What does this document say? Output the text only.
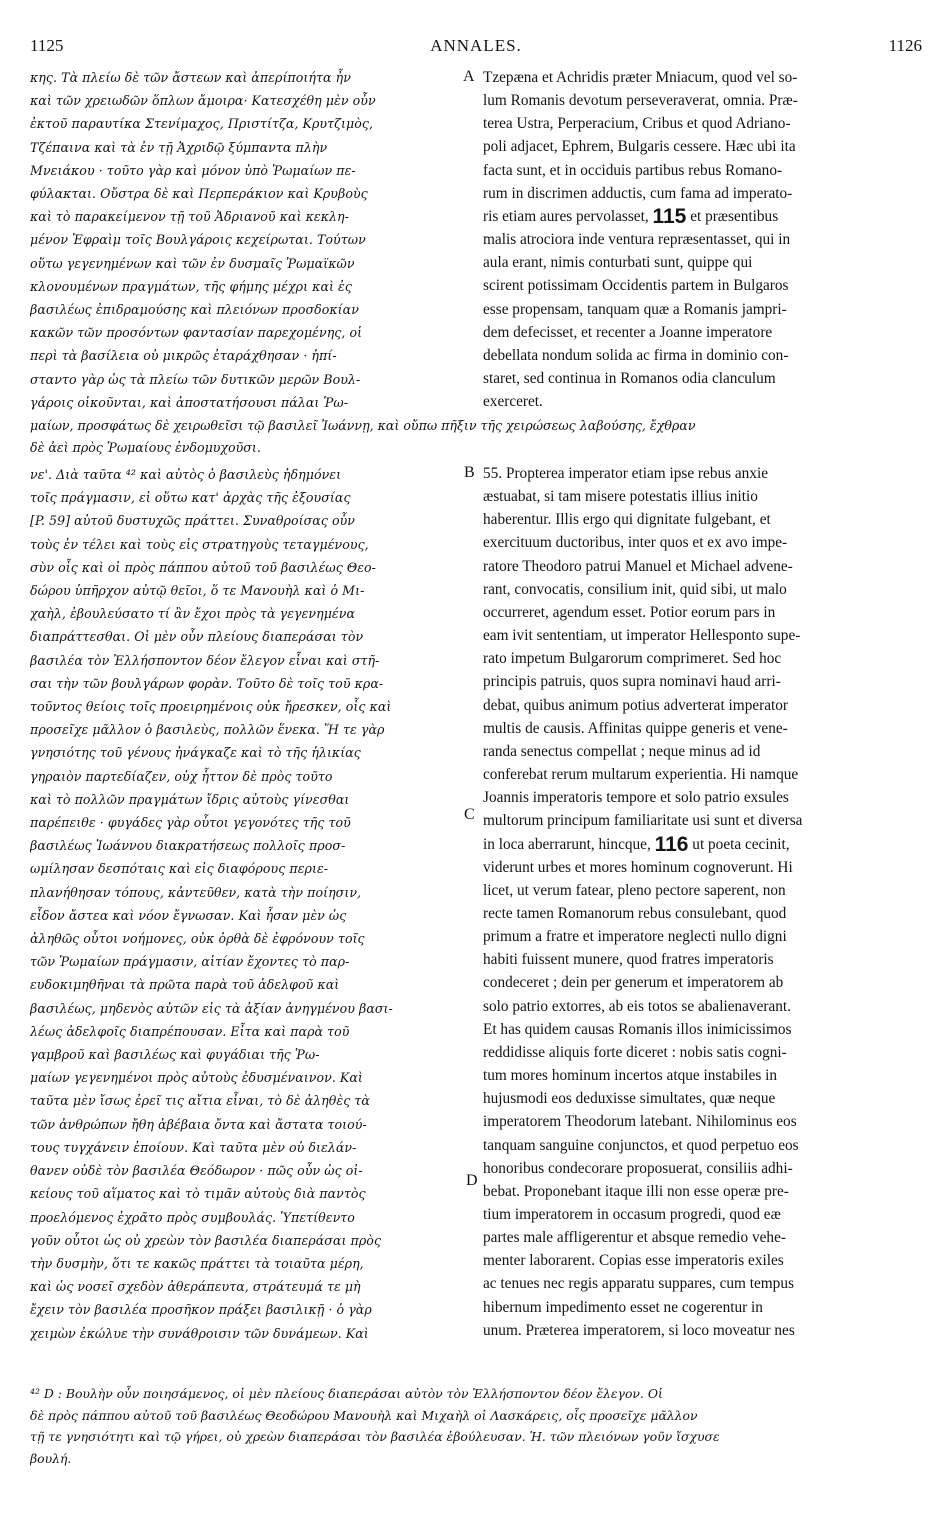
1125	ANNALES.	1126
κης. Τὰ πλείω δὲ τῶν ἄστεων καὶ ἀπερίποιήτα ἦν
καὶ τῶν χρειωδῶν ὅπλων ἄμοιρα· Κατεσχέθη μὲν οὖν
ἐκτοῦ παραυτίκα Στενίμαχος, Πριστίτζα, Κρυτζιμὸς,
Τζέπαινα καὶ τὰ ἐν τῇ Ἀχριδῷ ξύμπαντα πλὴν
Μνειάκου · τοῦτο γὰρ καὶ μόνον ὑπὸ Ῥωμαίων πε-
φύλακται. Οὔστρα δὲ καὶ Περπεράκιον καὶ Κρυβοὺς
καὶ τὸ παρακείμενον τῇ τοῦ Ἀδριανοῦ καὶ κεκλη-
μένον Ἐφραὶμ τοῖς Βουλγάροις κεχείρωται. Τούτων
οὕτω γεγενημένων καὶ τῶν ἐν δυσμαῖς Ῥωμαϊκῶν
κλονουμένων πραγμάτων, τῆς φήμης μέχρι καὶ ἐς
βασιλέως ἐπιδραμούσης καὶ πλειόνων προσδοκίαν
κακῶν τῶν προσόντων φαντασίαν παρεχομένης, οἱ
περὶ τὰ βασίλεια οὐ μικρῶς ἐταράχθησαν · ἠπί-
σταντο γὰρ ὡς τὰ πλείω τῶν δυτικῶν μερῶν Βουλ-
γάροις οἰκοῦνται, καὶ ἀποστατήσουσι πάλαι Ῥω-
Tzepæna et Achridis præter Mniacum, quod vel so-
lum Romanis devotum perseveraverat, omnia. Præ-
terea Ustra, Perperacium, Cribus et quod Adriano-
poli adjacet, Ephrem, Bulgaris cessere. Hæc ubi ita
facta sunt, et in occiduis partibus rebus Romano-
rum in discrimen adductis, cum fama ad imperato-
ris etiam aures pervolasset, 115 et præsentibus
malis atrociora inde ventura repræsentasset, qui in
aula erant, nimis conturbati sunt, quippe qui
scirent potissimam Occidentis partem in Bulgaros
esse propensam, tanquam quæ a Romanis jampri-
dem defecisset, et recenter a Joanne imperatore
debellata nondum solida ac firma in dominio con-
staret, sed continua in Romanos odia clanculum
exerceret.
μαίων, προσφάτως δὲ χειρωθεῖσι τῷ βασιλεῖ Ἰωάννῃ, καὶ οὔπω πῆξιν τῆς χειρώσεως λαβούσης, ἔχθραν
δὲ ἀεὶ πρὸς Ῥωμαίους ἐνδομυχοῦσι.
νε'. Διὰ ταῦτα ⁴² καὶ αὐτὸς ὁ βασιλεὺς ἠδημόνει
τοῖς πράγμασιν, εἰ οὕτω κατ' ἀρχὰς τῆς ἐξουσίας
[P. 59] αὐτοῦ δυστυχῶς πράττει. Συναθροίσας οὖν
τοὺς ἐν τέλει καὶ τοὺς εἰς στρατηγοὺς τεταγμένους,
σὺν οἷς καὶ οἱ πρὸς πάππου αὐτοῦ τοῦ βασιλέως Θεο-
δώρου ὑπῆρχον αὐτῷ θεῖοι, ὅ τε Μανουὴλ καὶ ὁ Μι-
χαὴλ, ἐβουλεύσατο τί ἂν ἔχοι πρὸς τὰ γεγενημένα
διαπράττεσθαι. Οἱ μὲν οὖν πλείους διαπεράσαι τὸν
βασιλέα τὸν Ἑλλήσποντον δέον ἔλεγον εἶναι καὶ στῆ-
σαι τὴν τῶν βουλγάρων φορὰν. Τοῦτο δὲ τοῖς τοῦ κρα-
τοῦντος θείοις τοῖς προειρημένοις οὐκ ἤρεσκεν, οἷς καὶ
προσεῖχε μᾶλλον ὁ βασιλεὺς, πολλῶν ἕνεκα. Ἥ τε γὰρ
γνησιότης τοῦ γένους ἠνάγκαζε καὶ τὸ τῆς ἡλικίας
γηραιὸν παρτεδίαζεν, οὐχ ἧττον δὲ πρὸς τοῦτο
καὶ τὸ πολλῶν πραγμάτων ἴδρις αὐτοὺς γίνεσθαι
παρέπειθε · φυγάδες γὰρ οὗτοι γεγονότες τῆς τοῦ
βασιλέως Ἰωάννου διακρατήσεως πολλοῖς προσ-
ωμίλησαν δεσπόταις καὶ εἰς διαφόρους περιε-
πλανήθησαν τόπους, κἀντεῦθεν, κατὰ τὴν ποίησιν,
εἶδον ἄστεα καὶ νόον ἔγνωσαν. Καὶ ἦσαν μὲν ὡς
ἀληθῶς οὗτοι νοήμονες, οὐκ ὀρθὰ δὲ ἐφρόνουν τοῖς
τῶν Ῥωμαίων πράγμασιν, αἰτίαν ἔχοντες τὸ παρ-
ευδοκιμηθῆναι τὰ πρῶτα παρὰ τοῦ ἀδελφοῦ καὶ
βασιλέως, μηδενὸς αὐτῶν εἰς τὰ ἀξίαν ἀνηγμένου βασι-
λέως ἀδελφοῖς διαπρέπουσαν. Εἶτα καὶ παρὰ τοῦ
γαμβροῦ καὶ βασιλέως καὶ φυγάδιαι τῆς Ῥω-
μαίων γεγενημένοι πρὸς αὐτοὺς ἐδυσμέναινον. Καὶ
ταῦτα μὲν ἴσως ἐρεῖ τις αἴτια εἶναι, τὸ δὲ ἀληθὲς τὰ
τῶν ἀνθρώπων ἤθη ἀβέβαια ὄντα καὶ ἄστατα τοιού-
τους τυγχάνειν ἐποίουν. Καὶ ταῦτα μὲν οὐ διελάν-
θανεν οὐδὲ τὸν βασιλέα Θεόδωρον · πῶς οὖν ὡς οἰ-
κείους τοῦ αἵματος καὶ τὸ τιμᾶν αὐτοὺς διὰ παντὸς
προελόμενος ἐχρᾶτο πρὸς συμβουλάς. Ὑπετίθεντο
γοῦν οὗτοι ὡς οὐ χρεὼν τὸν βασιλέα διαπεράσαι πρὸς
τὴν δυσμὴν, ὅτι τε κακῶς πράττει τὰ τοιαῦτα μέρη,
καὶ ὡς νοσεῖ σχεδὸν ἀθεράπευτα, στράτευμά τε μὴ
ἔχειν τὸν βασιλέα προσῆκον πράξει βασιλικῇ · ὁ γὰρ
χειμὼν ἐκώλυε τὴν συνάθροισιν τῶν δυνάμεων. Καὶ
55. Propterea imperator etiam ipse rebus anxie
æstuabat, si tam misere potestatis illius initio
haberentur. Illis ergo qui dignitate fulgebant, et
exercituum ductoribus, inter quos et ex avo impe-
ratore Theodoro patrui Manuel et Michael advene-
rant, convocatis, consilium init, quid sibi, ut malo
occurreret, agendum esset. Potior eorum pars in
eam ivit sententiam, ut imperator Hellesponto supe-
rato impetum Bulgarorum comprimeret. Sed hoc
principis patruis, quos supra nominavi haud arri-
debat, quibus animum potius adverterat imperator
multis de causis. Affinitas quippe generis et vene-
randa senectus compellat ; neque minus ad id
conferebat rerum multarum experientia. Hi namque
Joannis imperatoris tempore et solo patrio exsules
multorum principum familiaritate usi sunt et diversa
in loca aberrarunt, hincque, 116 ut poeta cecinit,
viderunt urbes et mores hominum cognoverunt. Hi
licet, ut verum fatear, pleno pectore saperent, non
recte tamen Romanorum rebus consulebant, quod
primum a fratre et imperatore neglecti nullo digni
habiti fuissent munere, quod fratres imperatoris
condeceret ; dein per generum et imperatorem ab
solo patrio extorres, ab eis totos se abalienaverant.
Et has quidem causas Romanis illos inimicissimos
reddidisse aliquis forte diceret : nobis satis cogni-
tum mores hominum incertos atque instabiles in
hujusmodi eos deduxisse simultates, quæ neque
imperatorem Theodorum latebant. Nihilominus eos
tanquam sanguine conjunctos, et quod perpetuo eos
honoribus condecorare proposuerat, consiliis adhi-
bebat. Proponebant itaque illi non esse operæ pre-
tium imperatorem in occasum progredi, quod eæ
partes male affligerentur et absque remedio vehe-
menter laborarent. Copias esse imperatoris exiles
ac tenues nec regis apparatu suppares, cum tempus
hibernum impedimento esset ne cogerentur in
unum. Præterea imperatorem, si loco moveatur nes
A
B
C
D
⁴² D : Βουλὴν οὖν ποιησάμενος, οἱ μὲν πλείους διαπεράσαι αὐτὸν τὸν Ἑλλήσποντον δέον ἔλεγον. Οἱ
δὲ πρὸς πάππου αὐτοῦ τοῦ βασιλέως Θεοδώρου Μανουὴλ καὶ Μιχαὴλ οἱ Λασκάρεις, οἷς προσεῖχε μᾶλλον
τῇ τε γνησιότητι καὶ τῷ γήρει, οὐ χρεὼν διαπεράσαι τὸν βασιλέα ἐβούλευσαν. Ἡ. τῶν πλειόνων γοῦν ἴσχυσε
βουλή.
